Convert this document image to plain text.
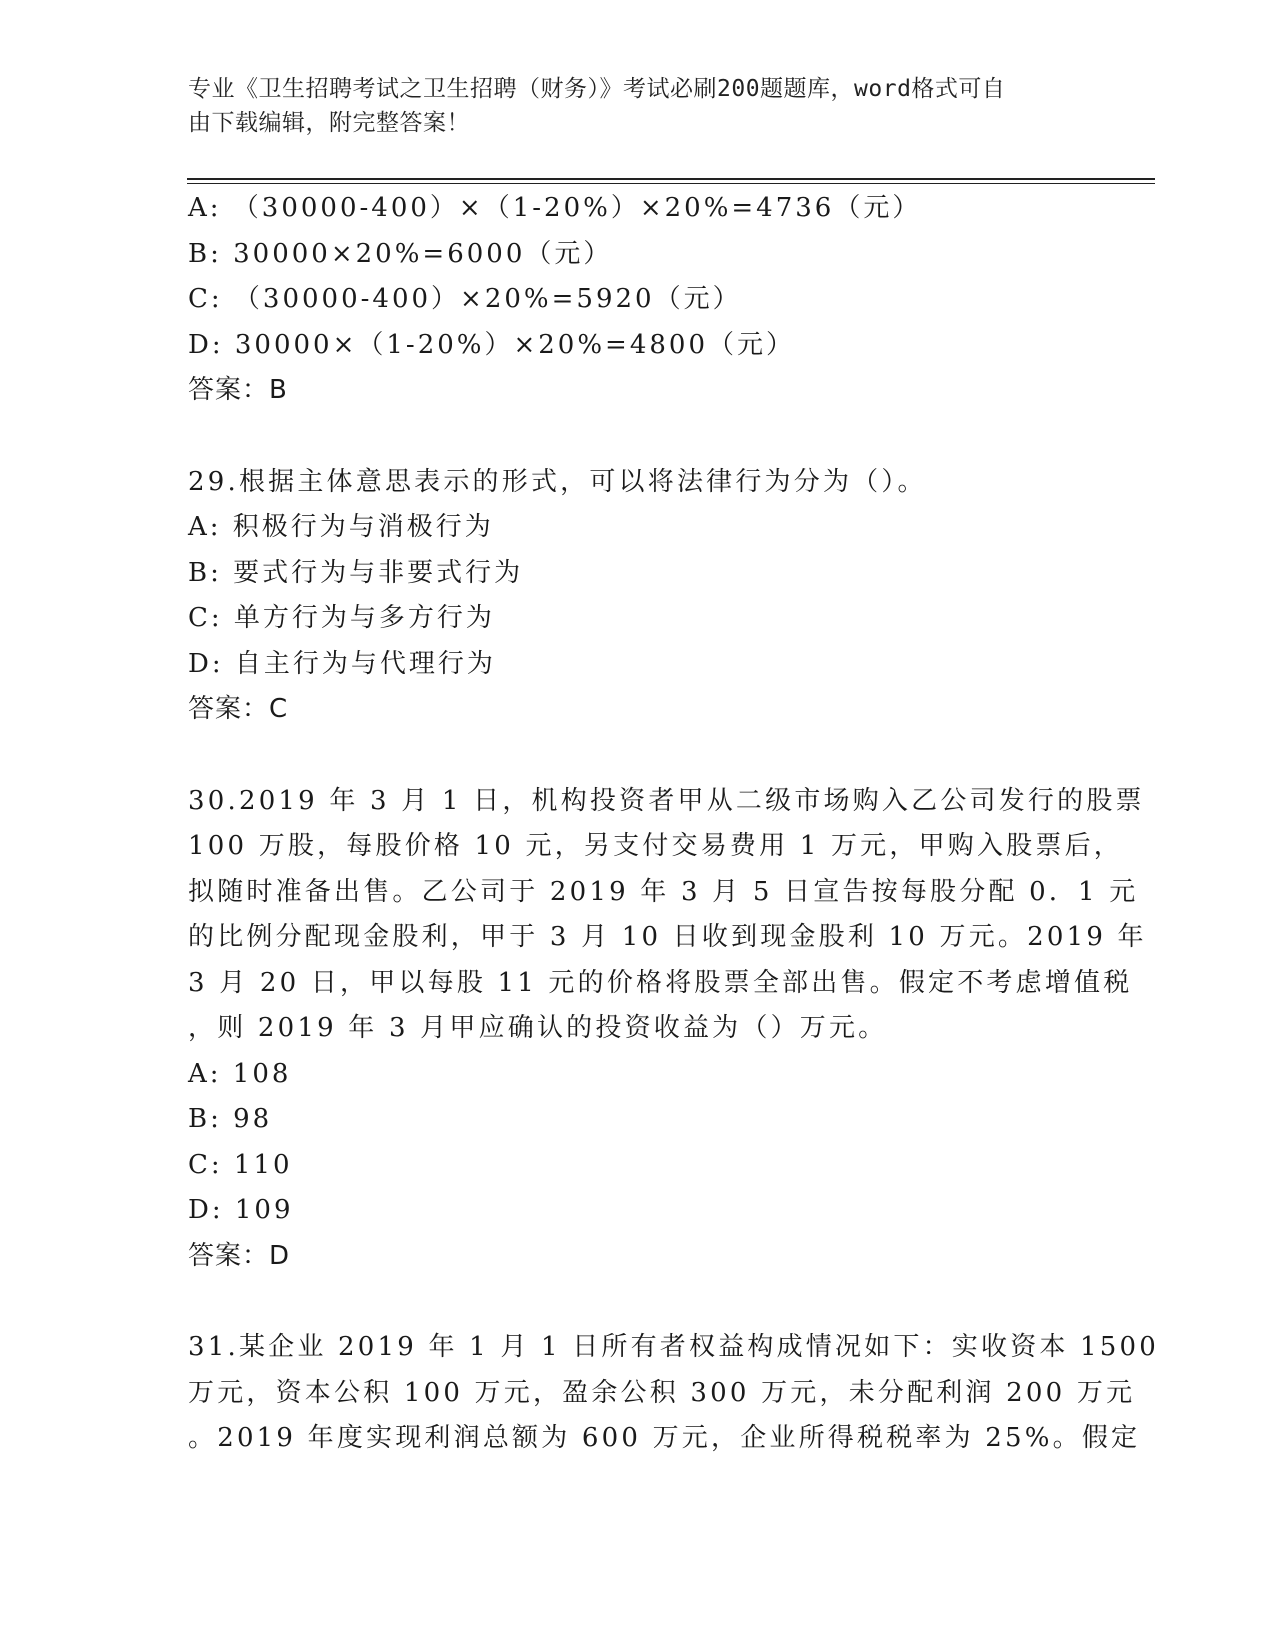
专业《卫生招聘考试之卫生招聘（财务）》考试必刷200题题库，word格式可自
由下载编辑，附完整答案！
A: （30000-400）×（1-20%）×20%=4736（元）
B: 30000×20%=6000（元）
C: （30000-400）×20%=5920（元）
D: 30000×（1-20%）×20%=4800（元）
答案：B
29.根据主体意思表示的形式，可以将法律行为分为（）。
A: 积极行为与消极行为
B: 要式行为与非要式行为
C: 单方行为与多方行为
D: 自主行为与代理行为
答案：C
30.2019 年 3 月 1 日，机构投资者甲从二级市场购入乙公司发行的股票
100 万股，每股价格 10 元，另支付交易费用 1 万元，甲购入股票后，
拟随时准备出售。乙公司于 2019 年 3 月 5 日宣告按每股分配 0．1 元
的比例分配现金股利，甲于 3 月 10 日收到现金股利 10 万元。2019 年
3 月 20 日，甲以每股 11 元的价格将股票全部出售。假定不考虑增值税
，则 2019 年 3 月甲应确认的投资收益为（）万元。
A: 108
B: 98
C: 110
D: 109
答案：D
31.某企业 2019 年 1 月 1 日所有者权益构成情况如下：实收资本 1500
万元，资本公积 100 万元，盈余公积 300 万元，未分配利润 200 万元
。2019 年度实现利润总额为 600 万元，企业所得税税率为 25%。假定
